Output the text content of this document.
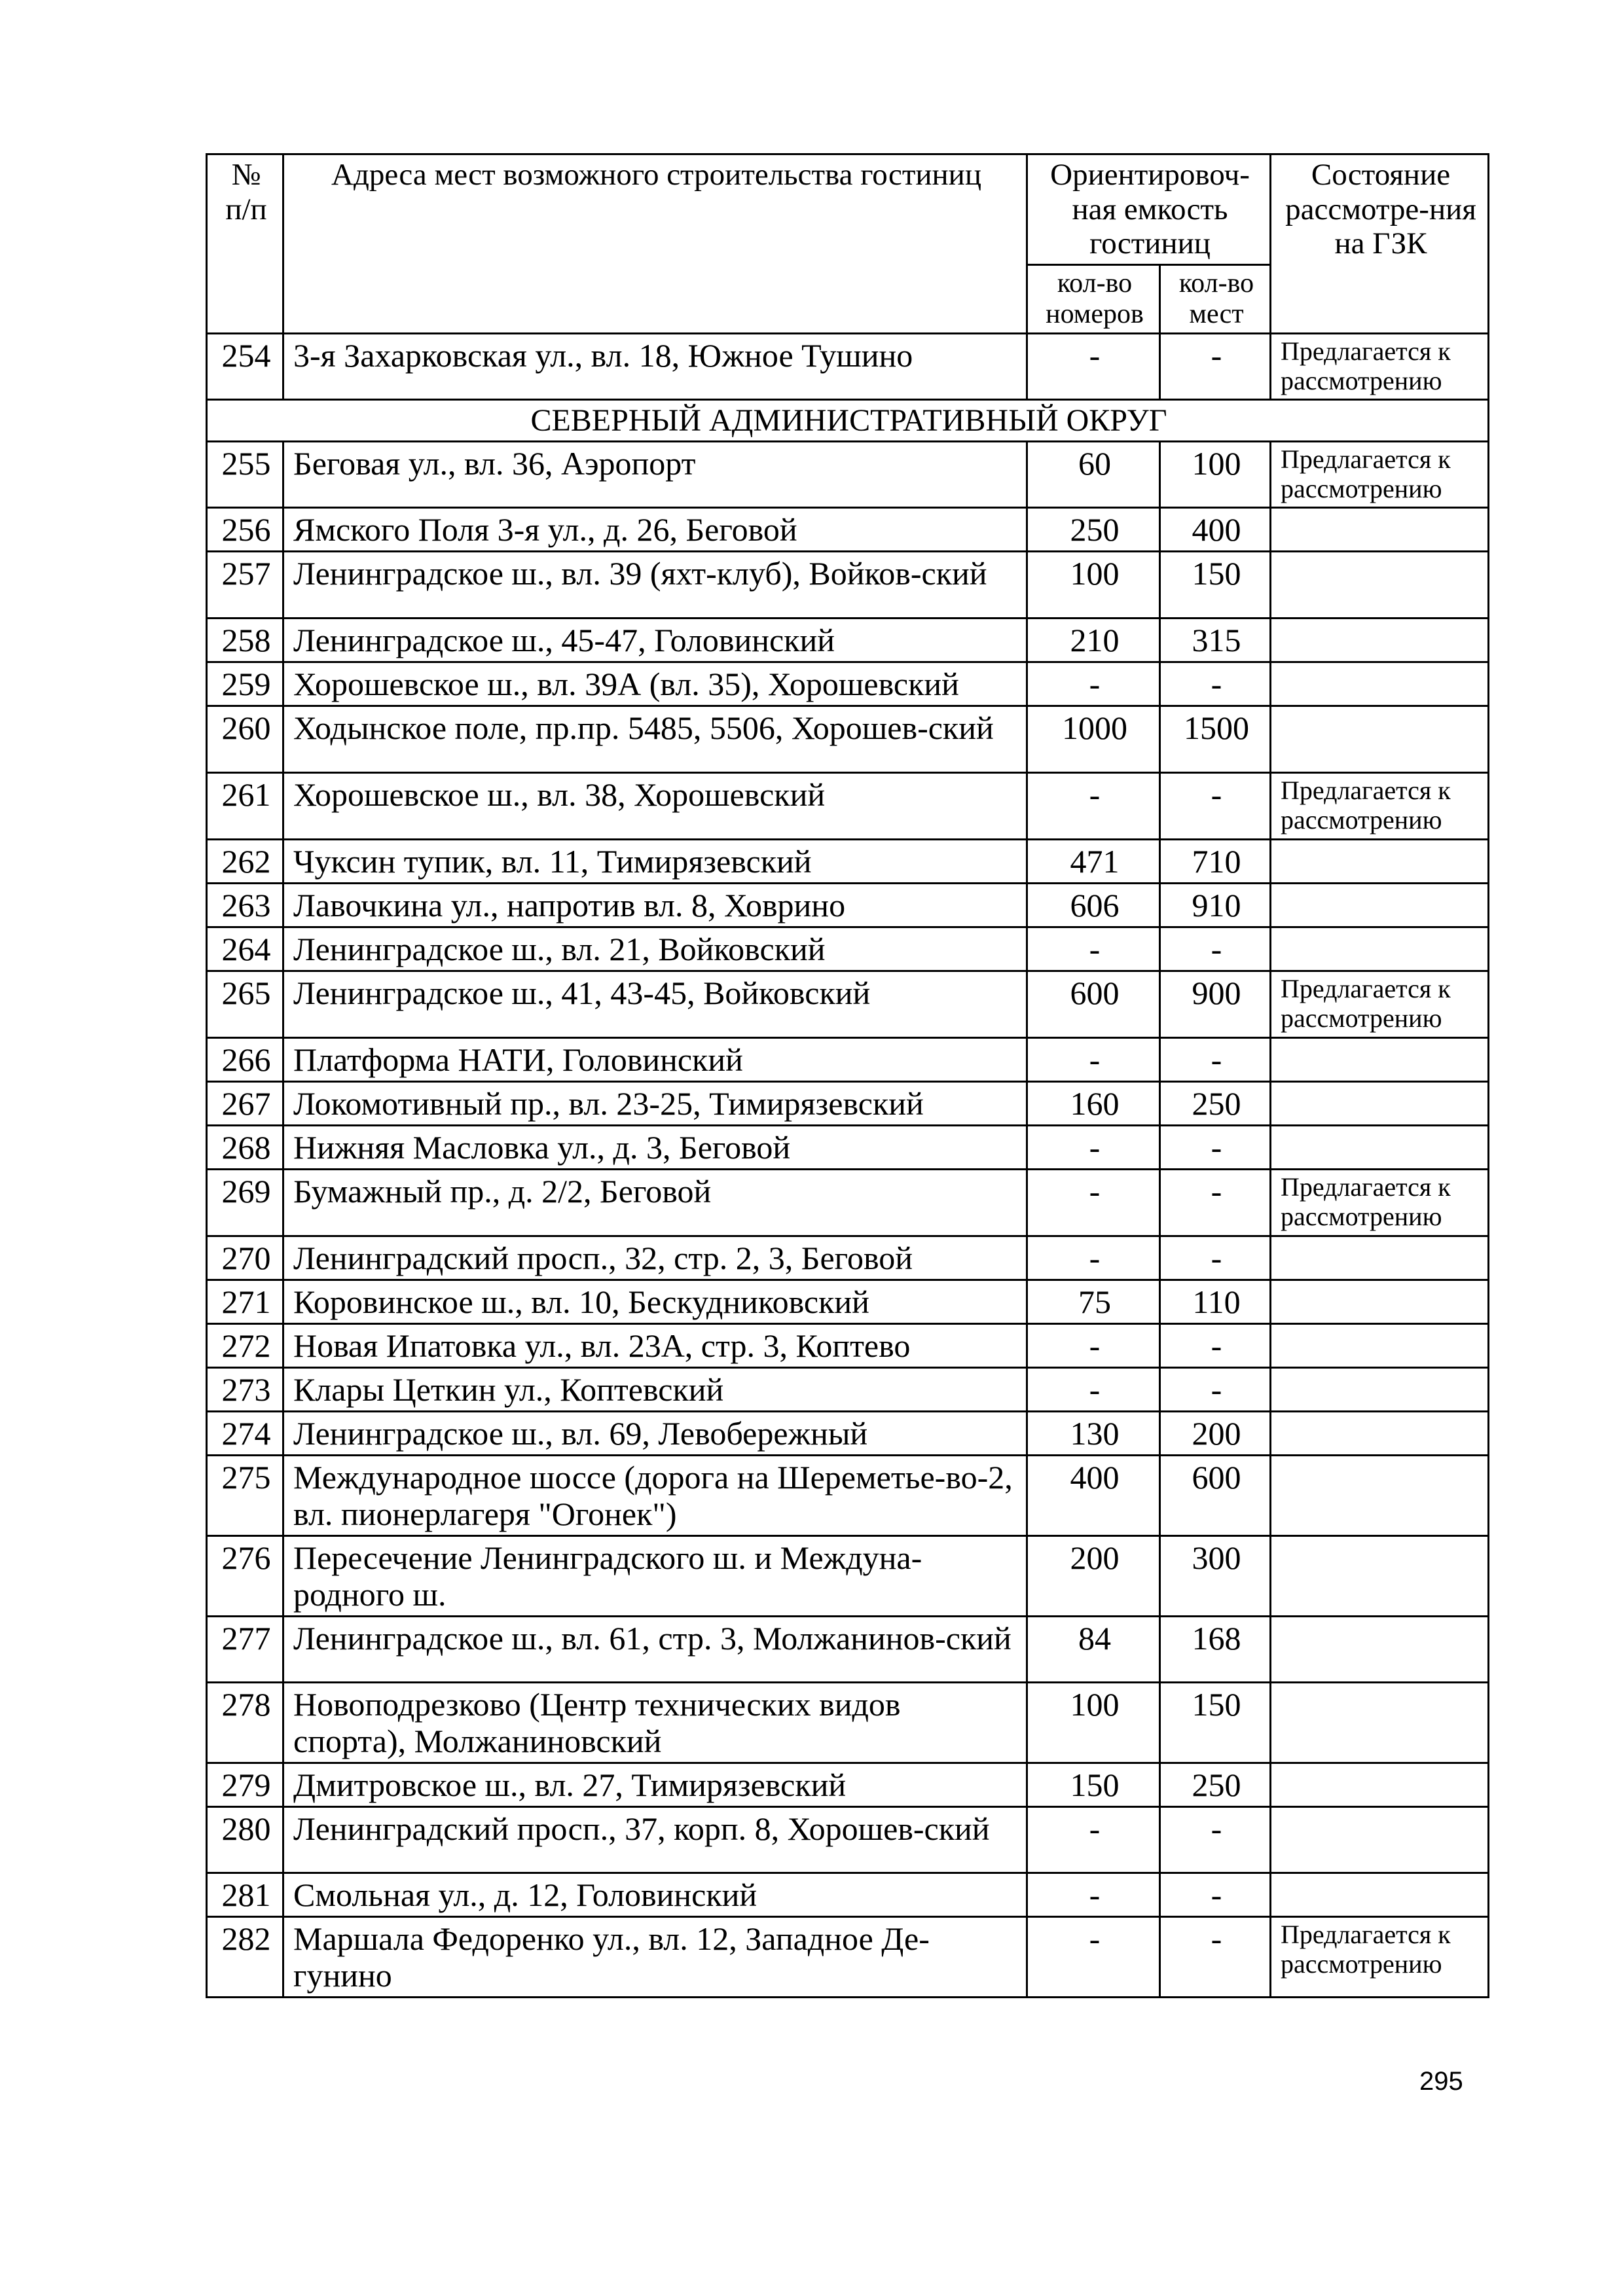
№ п/п	Адреса мест возможного строительства гостиниц	Ориентировоч-ная емкость гостиниц		Состояние рассмотре-ния на ГЗК
		кол-во номеров	кол-во мест	
254	3-я Захарковская ул., вл. 18, Южное Тушино	-	-	Предлагается к рассмотрению
СЕВЕРНЫЙ АДМИНИСТРАТИВНЫЙ ОКРУГ				
255	Беговая ул., вл. 36, Аэропорт	60	100	Предлагается к рассмотрению
256	Ямского Поля 3-я ул., д. 26, Беговой	250	400	
257	Ленинградское ш., вл. 39 (яхт-клуб), Войков-ский	100	150	
258	Ленинградское ш., 45-47, Головинский	210	315	
259	Хорошевское ш., вл. 39А (вл. 35), Хорошевский	-	-	
260	Ходынское поле, пр.пр. 5485, 5506, Хорошев-ский	1000	1500	
261	Хорошевское ш., вл. 38, Хорошевский	-	-	Предлагается к рассмотрению
262	Чуксин тупик, вл. 11, Тимирязевский	471	710	
263	Лавочкина ул., напротив вл. 8, Ховрино	606	910	
264	Ленинградское ш., вл. 21, Войковский	-	-	
265	Ленинградское ш., 41, 43-45, Войковский	600	900	Предлагается к рассмотрению
266	Платформа НАТИ, Головинский	-	-	
267	Локомотивный пр., вл. 23-25, Тимирязевский	160	250	
268	Нижняя Масловка ул., д. 3, Беговой	-	-	
269	Бумажный пр., д. 2/2, Беговой	-	-	Предлагается к рассмотрению
270	Ленинградский просп., 32, стр. 2, 3, Беговой	-	-	
271	Коровинское ш., вл. 10, Бескудниковский	75	110	
272	Новая Ипатовка ул., вл. 23А, стр. 3, Коптево	-	-	
273	Клары Цеткин ул., Коптевский	-	-	
274	Ленинградское ш., вл. 69, Левобережный	130	200	
275	Международное шоссе (дорога на Шереметье-во-2, вл. пионерлагеря "Огонек")	400	600	
276	Пересечение Ленинградского ш. и Междуна-родного ш.	200	300	
277	Ленинградское ш., вл. 61, стр. 3, Молжанинов-ский	84	168	
278	Новоподрезково (Центр технических видов спорта), Молжаниновский	100	150	
279	Дмитровское ш., вл. 27, Тимирязевский	150	250	
280	Ленинградский просп., 37, корп. 8, Хорошев-ский	-	-	
281	Смольная ул., д. 12, Головинский	-	-	
282	Маршала Федоренко ул., вл. 12, Западное Де-гунино	-	-	Предлагается к рассмотрению
295
